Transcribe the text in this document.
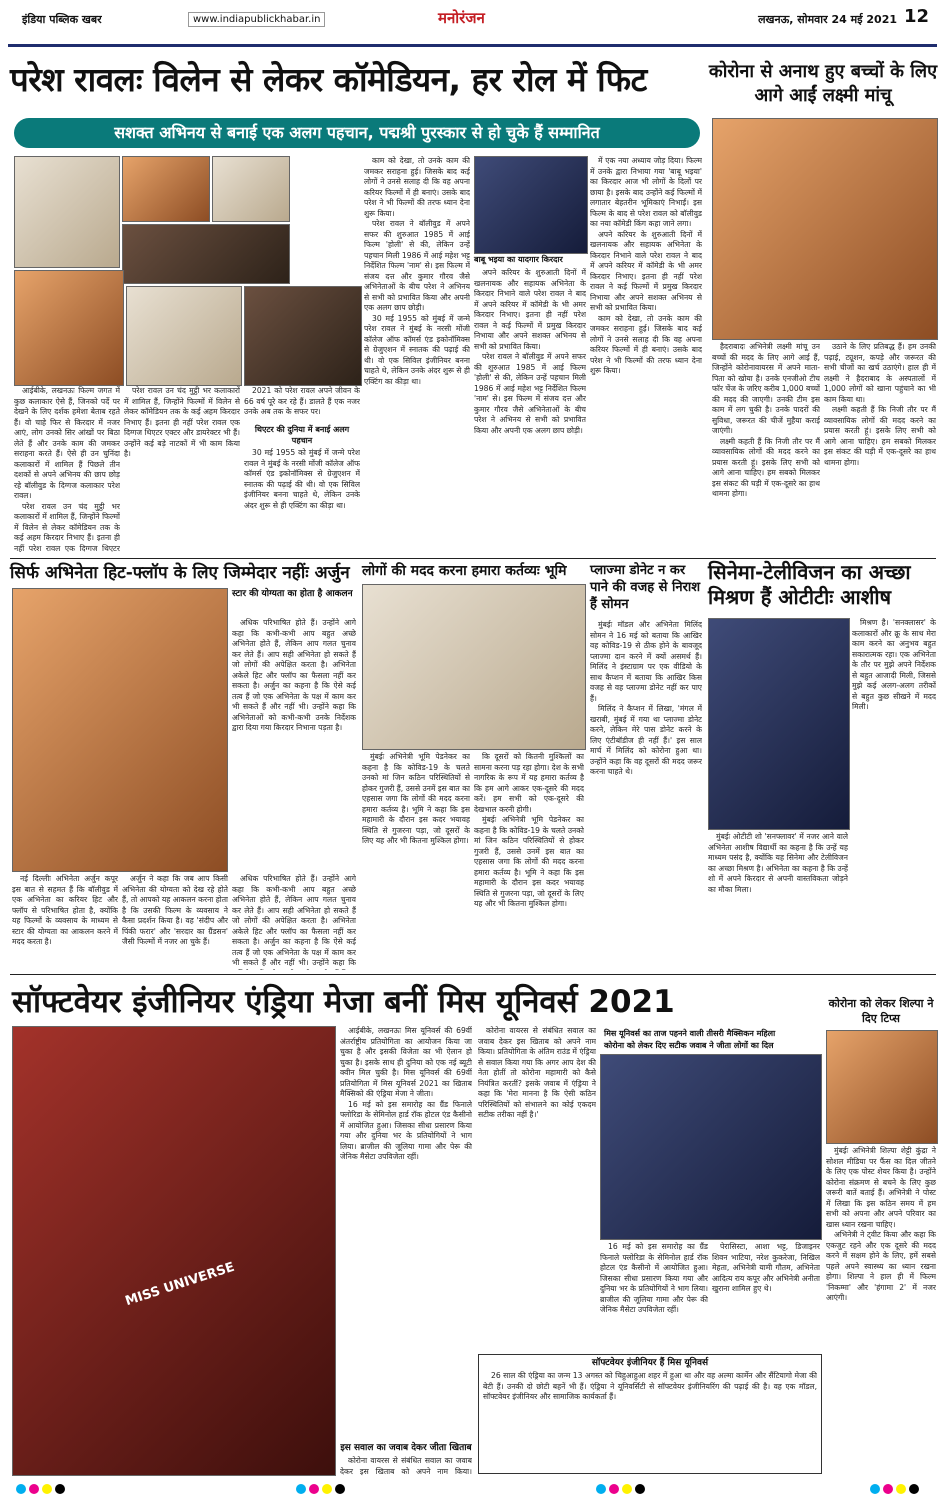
इंडिया पब्लिक खबर	www.indiapublickhabar.in	मनोरंजन	लखनऊ, सोमवार 24 मई 2021 12
परेश रावलः विलेन से लेकर कॉमेडियन, हर रोल में फिट
सशक्त अभिनय से बनाई एक अलग पहचान, पद्मश्री पुरस्कार से हो चुके हैं सम्मानित
बाबू भइया का यादगार किरदार

आईबीके, लखनऊः फिल्म जगत में कुछ कलाकार ऐसे हैं, जिनको पर्दे पर देखने के लिए दर्शक हमेशा बेताब रहते हैं। वो चाहे फिर से किरदार में नजर आएं, लोग उनको सिर आंखों पर बिठा लेते हैं और उनके काम की जमकर सराहना करते हैं। ऐसे ही उन चुनिंदा कलाकारों में शामिल हैं पिछले तीन दशकों से अपने अभिनय की छाप छोड़ रहे बॉलीवुड के दिग्गज कलाकार परेश रावल।

परेश रावल उन चंद मुट्ठी भर कलाकारों में शामिल हैं, जिन्होंने फिल्मों में विलेन से लेकर कॉमेडियन तक के कई अहम किरदार निभाए हैं। इतना ही नहीं परेश रावल एक दिग्गज थिएटर

परेश रावल उन चंद मुट्ठी भर कलाकारों में शामिल हैं, जिन्होंने फिल्मों में विलेन से लेकर कॉमेडियन तक के कई अहम किरदार निभाए हैं। इतना ही नहीं परेश रावल एक दिग्गज थिएटर एक्टर और डायरेक्टर भी हैं। उन्होंने कई बड़े नाटकों में भी काम किया है।

2021 को परेश रावल अपने जीवन के 66 वर्ष पूरे कर रहे हैं। डालते हैं एक नजर उनके अब तक के सफर पर।

थिएटर की दुनिया में बनाई अलग पहचान

30 मई 1955 को मुंबई में जन्मे परेश रावल ने मुंबई के नरसी मोंजी कॉलेज ऑफ कॉमर्स एंड इकोनॉमिक्स से ग्रेजुएशन में स्नातक की पढ़ाई की थी। वो एक सिविल इंजीनियर बनना चाहते थे, लेकिन उनके अंदर शुरू से ही एक्टिंग का कीड़ा था।

काम को देखा, तो उनके काम की जमकर सराहना हुई। जिसके बाद कई लोगों ने उनसे सलाह दी कि वह अपना करियर फिल्मों में ही बनाएं। उसके बाद परेश ने भी फिल्मों की तरफ ध्यान देना शुरू किया।

परेश रावल ने बॉलीवुड में अपने सफर की शुरुआत 1985 में आई फिल्म 'होली' से की, लेकिन उन्हें पहचान मिली 1986 में आई महेश भट्ट निर्देशित फिल्म 'नाम' से। इस फिल्म में संजय दत्त और कुमार गौरव जैसे अभिनेताओं के बीच परेश ने अभिनय से सभी को प्रभावित किया और अपनी एक अलग छाप छोड़ी।

30 मई 1955 को मुंबई में जन्मे परेश रावल ने मुंबई के नरसी मोंजी कॉलेज ऑफ कॉमर्स एंड इकोनॉमिक्स से ग्रेजुएशन में स्नातक की पढ़ाई की थी। वो एक सिविल इंजीनियर बनना चाहते थे, लेकिन उनके अंदर शुरू से ही एक्टिंग का कीड़ा था।

अपने करियर के शुरुआती दिनों में खलनायक और सहायक अभिनेता के किरदार निभाने वाले परेश रावल ने बाद में अपने करियर में कॉमेडी के भी अमर किरदार निभाए। इतना ही नहीं परेश रावल ने कई फिल्मों में प्रमुख किरदार निभाया और अपने सशक्त अभिनय से सभी को प्रभावित किया।

परेश रावल ने बॉलीवुड में अपने सफर की शुरुआत 1985 में आई फिल्म 'होली' से की, लेकिन उन्हें पहचान मिली 1986 में आई महेश भट्ट निर्देशित फिल्म 'नाम' से। इस फिल्म में संजय दत्त और कुमार गौरव जैसे अभिनेताओं के बीच परेश ने अभिनय से सभी को प्रभावित किया और अपनी एक अलग छाप छोड़ी।

में एक नया अध्याय जोड़ दिया। फिल्म में उनके द्वारा निभाया गया 'बाबू भइया' का किरदार आज भी लोगों के दिलों पर छाया है। इसके बाद उन्होंने कई फिल्मों में लगातार बेहतरीन भूमिकाएं निभाईं। इस फिल्म के बाद से परेश रावल को बॉलीवुड का नया कॉमेडी किंग कहा जाने लगा।

अपने करियर के शुरुआती दिनों में खलनायक और सहायक अभिनेता के किरदार निभाने वाले परेश रावल ने बाद में अपने करियर में कॉमेडी के भी अमर किरदार निभाए। इतना ही नहीं परेश रावल ने कई फिल्मों में प्रमुख किरदार निभाया और अपने सशक्त अभिनय से सभी को प्रभावित किया।

काम को देखा, तो उनके काम की जमकर सराहना हुई। जिसके बाद कई लोगों ने उनसे सलाह दी कि वह अपना करियर फिल्मों में ही बनाएं। उसके बाद परेश ने भी फिल्मों की तरफ ध्यान देना शुरू किया।

कोरोना से अनाथ हुए बच्चों के लिए आगे आईं लक्ष्मी मांचू

हैदराबादः अभिनेत्री लक्ष्मी मांचू उन बच्चों की मदद के लिए आगे आई हैं, जिन्होंने कोरोनावायरस में अपने माता-पिता को खोया है। उनके एनजीओ टीच फॉर चेंज के जरिए करीब 1,000 बच्चों की मदद की जाएगी। उनकी टीम इस काम में लग चुकी है। उनके पादरों की सुविधा, जरूरत की चीजें मुहैया कराई जाएंगी।

लक्ष्मी कहती हैं कि निजी तौर पर मैं व्यावसायिक लोगों की मदद करने का प्रयास करती हूं। इसके लिए सभी को आगे आना चाहिए। हम सबको मिलकर इस संकट की घड़ी में एक-दूसरे का हाथ थामना होगा।

उठाने के लिए प्रतिबद्ध हैं। हम उनकी पढ़ाई, ट्यूशन, कपड़े और जरूरत की सभी चीजों का खर्च उठाएंगे। हाल ही में लक्ष्मी ने हैदराबाद के अस्पतालों में 1,000 लोगों को खाना पहुंचाने का भी काम किया था।

लक्ष्मी कहती हैं कि निजी तौर पर मैं व्यावसायिक लोगों की मदद करने का प्रयास करती हूं। इसके लिए सभी को आगे आना चाहिए। हम सबको मिलकर इस संकट की घड़ी में एक-दूसरे का हाथ थामना होगा।

सिर्फ अभिनेता हिट-फ्लॉप के लिए जिम्मेदार नहींः अर्जुन
स्टार की योग्यता का होता है आकलन

अधिक परिभाषित होते हैं। उन्होंने आगे कहा कि कभी-कभी आप बहुत अच्छे अभिनेता होते हैं, लेकिन आप गलत चुनाव कर लेते हैं। आप सही अभिनेता हो सकते हैं जो लोगों की अपेक्षित करता है। अभिनेता अकेले हिट और फ्लॉप का फैसला नहीं कर सकता है। अर्जुन का कहना है कि ऐसे कई तत्व हैं जो एक अभिनेता के पक्ष में काम कर भी सकते हैं और नहीं भी। उन्होंने कहा कि अभिनेताओं को कभी-कभी उनके निर्देशक द्वारा दिया गया किरदार निभाना पड़ता है।

नई दिल्लीः अभिनेता अर्जुन कपूर इस बात से सहमत हैं कि बॉलीवुड में एक अभिनेता का करियर हिट और फ्लॉप से परिभाषित होता है, क्योंकि यह फिल्मों के व्यवसाय के माध्यम से स्टार की योग्यता का आकलन करने में मदद करता है।

अर्जुन ने कहा कि जब आप किसी अभिनेता की योग्यता को देख रहे होते हैं, तो आपको यह आकलन करना होता है कि उसकी फिल्म के व्यवसाय ने कैसा प्रदर्शन किया है। वह 'संदीप और पिंकी फरार' और 'सरदार का ग्रैंडसन' जैसी फिल्मों में नजर आ चुके हैं।

अधिक परिभाषित होते हैं। उन्होंने आगे कहा कि कभी-कभी आप बहुत अच्छे अभिनेता होते हैं, लेकिन आप गलत चुनाव कर लेते हैं। आप सही अभिनेता हो सकते हैं जो लोगों की अपेक्षित करता है। अभिनेता अकेले हिट और फ्लॉप का फैसला नहीं कर सकता है। अर्जुन का कहना है कि ऐसे कई तत्व हैं जो एक अभिनेता के पक्ष में काम कर भी सकते हैं और नहीं भी। उन्होंने कहा कि

लोगों की मदद करना हमारा कर्तव्यः भूमि

मुंबईः अभिनेत्री भूमि पेडनेकर का कहना है कि कोविड-19 के चलते उनको मां जिन कठिन परिस्थितियों से होकर गुजरी हैं, उससे उनमें इस बात का एहसास जगा कि लोगों की मदद करना हमारा कर्तव्य है। भूमि ने कहा कि इस महामारी के दौरान इस कदर भयावह स्थिति से गुजरना पड़ा, जो दूसरों के लिए यह और भी कितना मुश्किल होगा।

कि दूसरों को कितनी मुश्किलों का सामना करना पड़ रहा होगा। देश के सभी नागरिक के रूप में यह हमारा कर्तव्य है कि हम आगे आकर एक-दूसरे की मदद करें। हम सभी को एक-दूसरे की देखभाल करनी होगी।

मुंबईः अभिनेत्री भूमि पेडनेकर का कहना है कि कोविड-19 के चलते उनको मां जिन कठिन परिस्थितियों से होकर गुजरी हैं, उससे उनमें इस बात का एहसास जगा कि लोगों की मदद करना हमारा कर्तव्य है। भूमि ने कहा कि इस महामारी के दौरान इस कदर भयावह स्थिति से गुजरना पड़ा, जो दूसरों के लिए यह और भी कितना मुश्किल होगा।

प्लाज्मा डोनेट न कर पाने की वजह से निराश हैं सोमन

मुंबईः मॉडल और अभिनेता मिलिंद सोमन ने 16 मई को बताया कि आखिर वह कोविड-19 से ठीक होने के बावजूद प्लाज्मा दान करने में क्यों असमर्थ हैं। मिलिंद ने इंस्टाग्राम पर एक वीडियो के साथ कैप्शन में बताया कि आखिर किस वजह से वह प्लाज्मा डोनेट नहीं कर पाए हैं।

मिलिंद ने कैप्शन में लिखा, 'मंगल में खराबी, मुंबई में गया था प्लाज्मा डोनेट करने, लेकिन मेरे पास डोनेट करने के लिए एंटीबॉडीज ही नहीं हैं।' इस साल मार्च में मिलिंद को कोरोना हुआ था। उन्होंने कहा कि वह दूसरों की मदद जरूर करना चाहते थे।

सिनेमा-टेलीविजन का अच्छा मिश्रण हैं ओटीटीः आशीष

मिश्रण है। 'सनक्लासर' के कलाकारों और क्रू के साथ मेरा काम करने का अनुभव बहुत सकारात्मक रहा। एक अभिनेता के तौर पर मुझे अपने निर्देशक से बहुत आजादी मिली, जिससे मुझे कई अलग-अलग तरीकों से बहुत कुछ सीखने में मदद मिली।

मुंबईः ओटीटी शो 'सनफ्लावर' में नजर आने वाले अभिनेता आशीष विद्यार्थी का कहना है कि उन्हें यह माध्यम पसंद है, क्योंकि यह सिनेमा और टेलीविजन का अच्छा मिश्रण है। अभिनेता का कहना है कि उन्हें शो में अपने किरदार से अपनी वास्तविकता जोड़ने का मौका मिला।

सॉफ्टवेयर इंजीनियर एंड्रिया मेजा बनीं मिस यूनिवर्स 2021
MISS UNIVERSE

आईबीके, लखनऊः मिस यूनिवर्स की 69वीं अंतर्राष्ट्रीय प्रतियोगिता का आयोजन किया जा चुका है और इसकी विजेता का भी ऐलान हो चुका है। इसके साथ ही दुनिया को एक नई ब्यूटी क्वीन मिल चुकी है। मिस यूनिवर्स की 69वीं प्रतियोगिता में मिस यूनिवर्स 2021 का खिताब मैक्सिको की एंड्रिया मेजा ने जीता।

16 मई को इस समारोह का ग्रैंड फिनाले फ्लोरिडा के सेमिनोल हार्ड रॉक होटल एंड कैसीनो में आयोजित हुआ। जिसका सीधा प्रसारण किया गया और दुनिया भर के प्रतियोगियों ने भाग लिया। ब्राजील की जूलिया गामा और पेरू की जेनिक मैसेटा उपविजेता रहीं।

इस सवाल का जवाब देकर जीता खिताब

कोरोना वायरस से संबंधित सवाल का जवाब देकर इस खिताब को अपने नाम किया।

कोरोना वायरस से संबंधित सवाल का जवाब देकर इस खिताब को अपने नाम किया। प्रतियोगिता के अंतिम राउंड में एंड्रिया से सवाल किया गया कि अगर आप देश की नेता होतीं तो कोरोना महामारी को कैसे नियंत्रित करतीं? इसके जवाब में एंड्रिया ने कहा कि 'मेरा मानना है कि ऐसी कठिन परिस्थितियों को संभालने का कोई एकदम सटीक तरीका नहीं है।'

मिस यूनिवर्स का ताज पहनने वाली तीसरी मैक्सिकन महिला
कोरोना को लेकर दिए सटीक जवाब ने जीता लोगों का दिल

16 मई को इस समारोह का ग्रैंड फिनाले फ्लोरिडा के सेमिनोल हार्ड रॉक होटल एंड कैसीनो में आयोजित हुआ। जिसका सीधा प्रसारण किया गया और दुनिया भर के प्रतियोगियों ने भाग लिया। ब्राजील की जूलिया गामा और पेरू की जेनिक मैसेटा उपविजेता रहीं।

पेरासिस्टा, आशा भट्ट, डिजाइनर शिवन भाटिया, नरेश कुकरेजा, निखिल मेहता, अभिनेत्री यामी गौतम, अभिनेता आदित्य राय कपूर और अभिनेत्री अनीता खुराना शामिल हुए थे।

सॉफ्टवेयर इंजीनियर हैं मिस यूनिवर्स

26 साल की एंड्रिया का जन्म 13 अगस्त को चिहुआहुआ शहर में हुआ था और वह अल्मा कार्मेन और सैंटियागो मेजा की बेटी हैं। उनकी दो छोटी बहनें भी हैं। एंड्रिया ने यूनिवर्सिटी से सॉफ्टवेयर इंजीनियरिंग की पढ़ाई की है। वह एक मॉडल, सॉफ्टवेयर इंजीनियर और सामाजिक कार्यकर्ता हैं।

कोरोना को लेकर शिल्पा ने दिए टिप्स

मुंबईः अभिनेत्री शिल्पा शेट्टी कुंद्रा ने सोशल मीडिया पर फैंस का दिल जीतने के लिए एक पोस्ट शेयर किया है। उन्होंने कोरोना संक्रमण से बचने के लिए कुछ जरूरी बातें बताई हैं। अभिनेत्री ने पोस्ट में लिखा कि इस कठिन समय में हम सभी को अपना और अपने परिवार का खास ध्यान रखना चाहिए।

अभिनेत्री ने ट्वीट किया और कहा कि एकजुट रहने और एक दूसरे की मदद करने में सक्षम होने के लिए, हमें सबसे पहले अपने स्वास्थ्य का ध्यान रखना होगा। शिल्पा ने हाल ही में फिल्म 'निकम्मा' और 'हंगामा 2' में नजर आएंगी।
